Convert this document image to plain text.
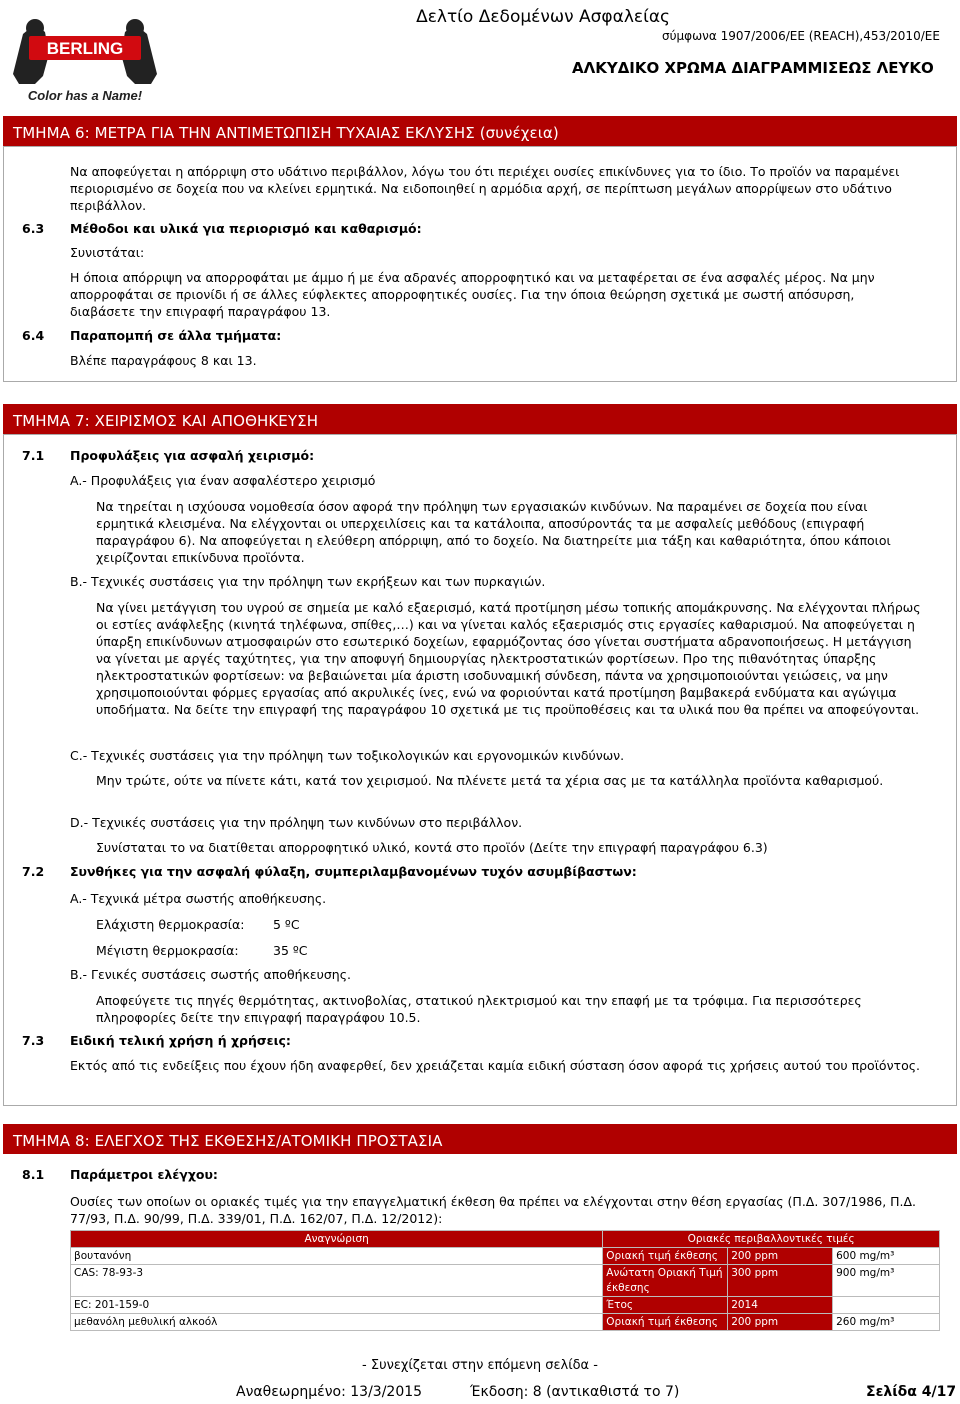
BERLING
Color has a Name!
Δελτίο Δεδομένων Ασφαλείας
σύμφωνα 1907/2006/ΕΕ (REACH),453/2010/ΕΕ
ΑΛΚΥΔΙΚΟ ΧΡΩΜΑ ΔΙΑΓΡΑΜΜΙΣΕΩΣ ΛΕΥΚΟ
ΤΜΗΜΑ 6: ΜΕΤΡΑ ΓΙΑ ΤΗΝ ΑΝΤΙΜΕΤΩΠΙΣΗ ΤΥΧΑΙΑΣ ΕΚΛΥΣΗΣ (συνέχεια)
Να αποφεύγεται η απόρριψη στο υδάτινο περιβάλλον, λόγω του ότι περιέχει ουσίες επικίνδυνες για το ίδιο. Το προϊόν να παραμένει
περιορισμένο σε δοχεία που να κλείνει ερμητικά. Να ειδοποιηθεί η αρμόδια αρχή, σε περίπτωση μεγάλων απορρίψεων στο υδάτινο
περιβάλλον.
6.3 Μέθοδοι και υλικά για περιορισμό και καθαρισμό:
Συνιστάται:
Η όποια απόρριψη να απορροφάται με άμμο ή με ένα αδρανές απορροφητικό και να μεταφέρεται σε ένα ασφαλές μέρος. Να μην
απορροφάται σε πριονίδι ή σε άλλες εύφλεκτες απορροφητικές ουσίες. Για την όποια θεώρηση σχετικά με σωστή απόσυρση,
διαβάσετε την επιγραφή παραγράφου 13.
6.4 Παραπομπή σε άλλα τμήματα:
Βλέπε παραγράφους 8 και 13.
ΤΜΗΜΑ 7: ΧΕΙΡΙΣΜΟΣ ΚΑΙ ΑΠΟΘΗΚΕΥΣΗ
7.1 Προφυλάξεις για ασφαλή χειρισμό:
A.- Προφυλάξεις για έναν ασφαλέστερο χειρισμό
Να τηρείται η ισχύουσα νομοθεσία όσον αφορά την πρόληψη των εργασιακών κινδύνων. Να παραμένει σε δοχεία που είναι
ερμητικά κλεισμένα. Να ελέγχονται οι υπερχειλίσεις και τα κατάλοιπα, αποσύροντάς τα με ασφαλείς μεθόδους (επιγραφή
παραγράφου 6). Να αποφεύγεται η ελεύθερη απόρριψη, από το δοχείο. Να διατηρείτε μια τάξη και καθαριότητα, όπου κάποιοι
χειρίζονται επικίνδυνα προϊόντα.
B.- Τεχνικές συστάσεις για την πρόληψη των εκρήξεων και των πυρκαγιών.
Να γίνει μετάγγιση του υγρού σε σημεία με καλό εξαερισμό, κατά προτίμηση μέσω τοπικής απομάκρυνσης. Να ελέγχονται πλήρως
οι εστίες ανάφλεξης (κινητά τηλέφωνα, σπίθες,…) και να γίνεται καλός εξαερισμός στις εργασίες καθαρισμού. Να αποφεύγεται η
ύπαρξη επικίνδυνων ατμοσφαιρών στο εσωτερικό δοχείων, εφαρμόζοντας όσο γίνεται συστήματα αδρανοποιήσεως. Η μετάγγιση
να γίνεται με αργές ταχύτητες, για την αποφυγή δημιουργίας ηλεκτροστατικών φορτίσεων. Προ της πιθανότητας ύπαρξης
ηλεκτροστατικών φορτίσεων: να βεβαιώνεται μία άριστη ισοδυναμική σύνδεση, πάντα να χρησιμοποιούνται γειώσεις, να μην
χρησιμοποιούνται φόρμες εργασίας από ακρυλικές ίνες, ενώ να φοριούνται κατά προτίμηση βαμβακερά ενδύματα και αγώγιμα
υποδήματα. Να δείτε την επιγραφή της παραγράφου 10 σχετικά με τις προϋποθέσεις και τα υλικά που θα πρέπει να αποφεύγονται.
C.- Τεχνικές συστάσεις για την πρόληψη των τοξικολογικών και εργονομικών κινδύνων.
Μην τρώτε, ούτε να πίνετε κάτι, κατά τον χειρισμού. Να πλένετε μετά τα χέρια σας με τα κατάλληλα προϊόντα καθαρισμού.
D.- Τεχνικές συστάσεις για την πρόληψη των κινδύνων στο περιβάλλον.
Συνίσταται το να διατίθεται απορροφητικό υλικό, κοντά στο προϊόν (Δείτε την επιγραφή παραγράφου 6.3)
7.2 Συνθήκες για την ασφαλή φύλαξη, συμπεριλαμβανομένων τυχόν ασυμβίβαστων:
A.- Τεχνικά μέτρα σωστής αποθήκευσης.
Ελάχιστη θερμοκρασία:	5 ºC
Μέγιστη θερμοκρασία:	35 ºC
B.- Γενικές συστάσεις σωστής αποθήκευσης.
Αποφεύγετε τις πηγές θερμότητας, ακτινοβολίας, στατικού ηλεκτρισμού και την επαφή με τα τρόφιμα. Για περισσότερες
πληροφορίες δείτε την επιγραφή παραγράφου 10.5.
7.3 Ειδική τελική χρήση ή χρήσεις:
Εκτός από τις ενδείξεις που έχουν ήδη αναφερθεί, δεν χρειάζεται καμία ειδική σύσταση όσον αφορά τις χρήσεις αυτού του προϊόντος.
ΤΜΗΜΑ 8: ΕΛΕΓΧΟΣ ΤΗΣ ΕΚΘΕΣΗΣ/ΑΤΟΜΙΚΗ ΠΡΟΣΤΑΣΙΑ
8.1 Παράμετροι ελέγχου:
Ουσίες των οποίων οι οριακές τιμές για την επαγγελματική έκθεση θα πρέπει να ελέγχονται στην θέση εργασίας (Π.Δ. 307/1986, Π.Δ.
77/93, Π.Δ. 90/99, Π.Δ. 339/01, Π.Δ. 162/07, Π.Δ. 12/2012):
Αναγνώριση	Οριακές περιβαλλοντικές τιμές		
βουτανόνη	Οριακή τιμή έκθεσης	200 ppm	600 mg/m³
CAS: 78-93-3	Ανώτατη Οριακή Τιμή έκθεσης	300 ppm	900 mg/m³
EC: 201-159-0	Έτος	2014	
μεθανόλη μεθυλική αλκοόλ	Οριακή τιμή έκθεσης	200 ppm	260 mg/m³
- Συνεχίζεται στην επόμενη σελίδα -
Αναθεωρημένο: 13/3/2015	Έκδοση: 8 (αντικαθιστά το 7)	Σελίδα 4/17
